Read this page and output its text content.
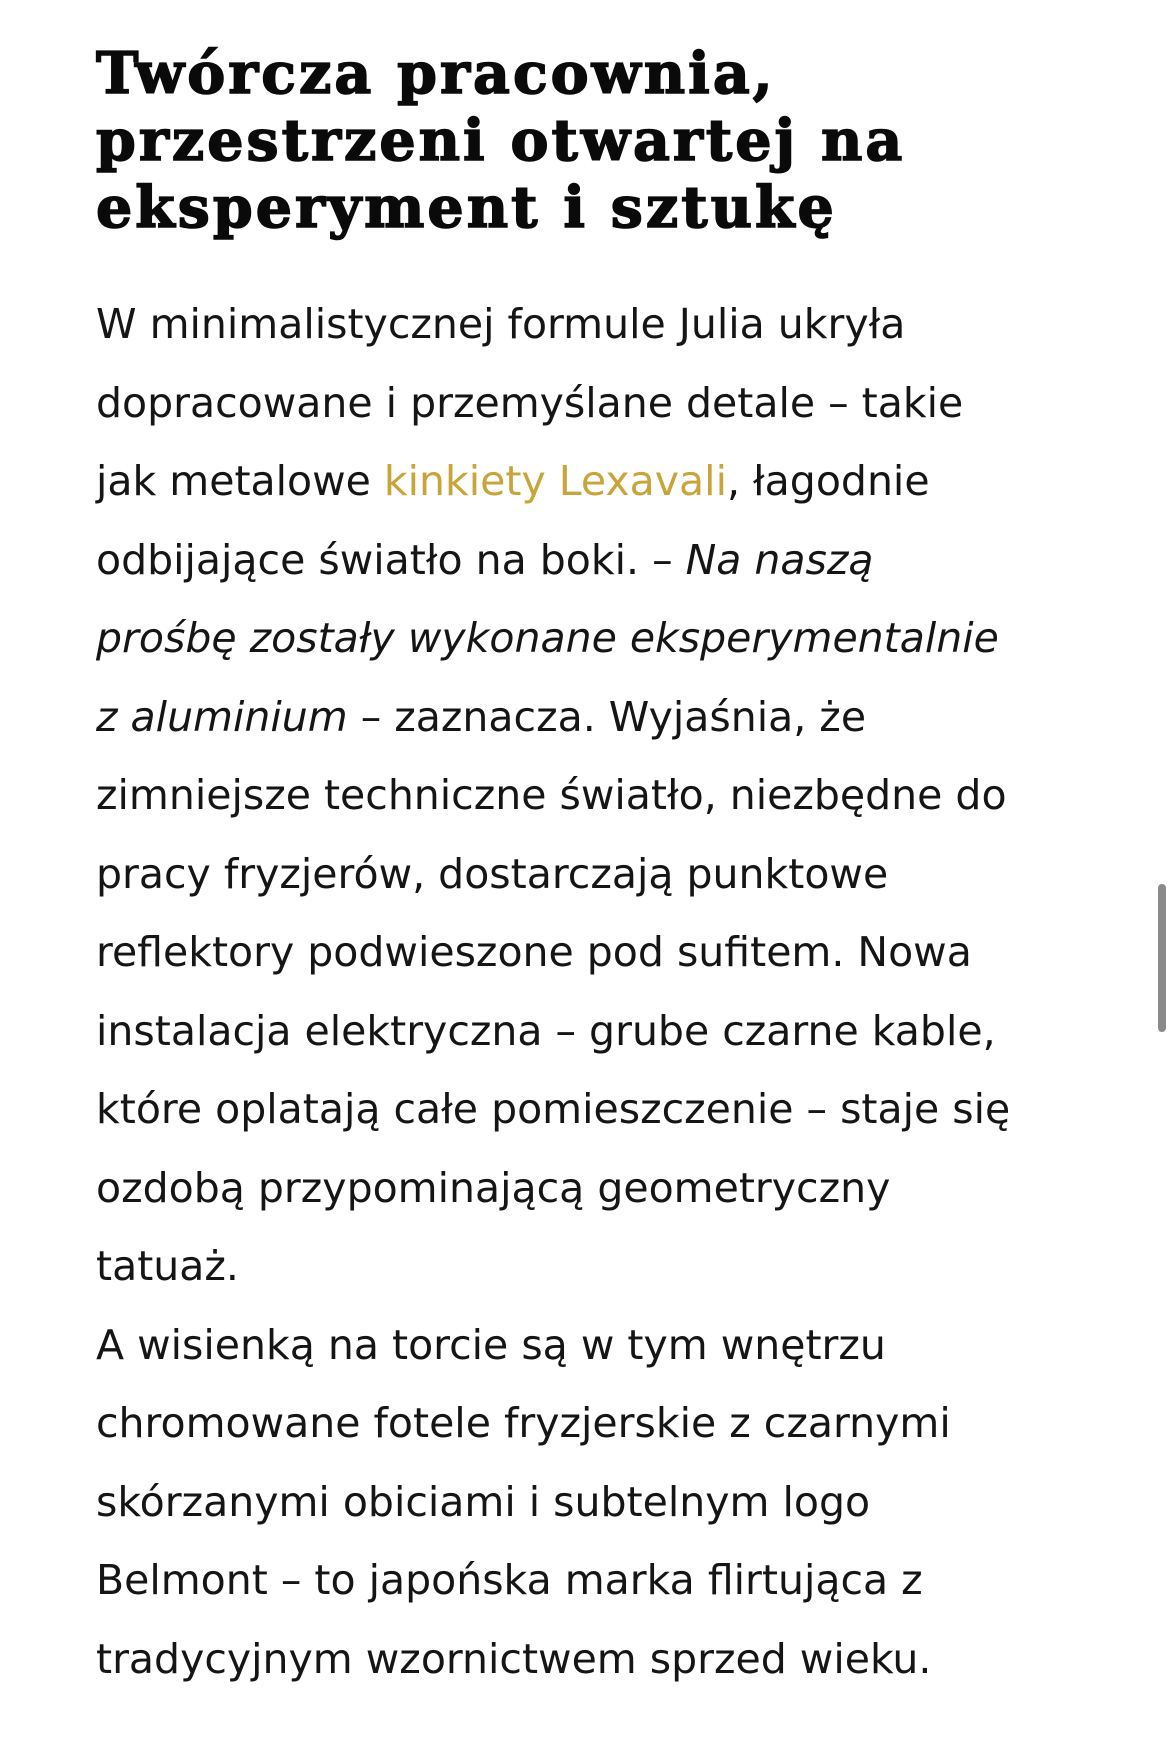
Twórcza pracownia,
przestrzeni otwartej na
eksperyment i sztukę
W minimalistycznej formule Julia ukryła
dopracowane i przemyślane detale – takie
jak metalowe kinkiety Lexavali, łagodnie
odbijające światło na boki. – Na naszą
prośbę zostały wykonane eksperymentalnie
z aluminium – zaznacza. Wyjaśnia, że
zimniejsze techniczne światło, niezbędne do
pracy fryzjerów, dostarczają punktowe
reflektory podwieszone pod sufitem. Nowa
instalacja elektryczna – grube czarne kable,
które oplatają całe pomieszczenie – staje się
ozdobą przypominającą geometryczny
tatuaż.
A wisienką na torcie są w tym wnętrzu
chromowane fotele fryzjerskie z czarnymi
skórzanymi obiciami i subtelnym logo
Belmont – to japońska marka flirtująca z
tradycyjnym wzornictwem sprzed wieku.
